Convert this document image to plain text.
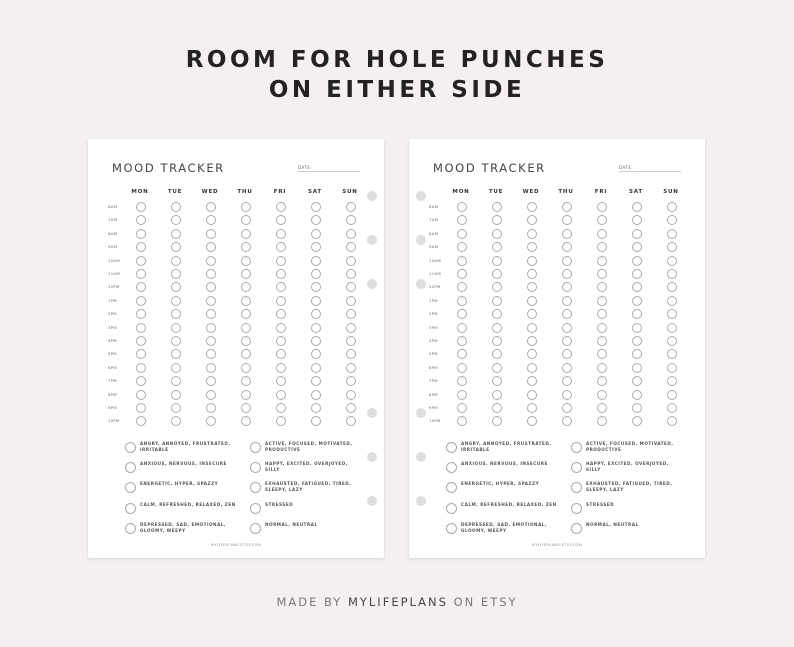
ROOM FOR HOLE PUNCHES
ON EITHER SIDE
MOOD TRACKER	DATE:
MON	TUE	WED	THU	FRI	SAT	SUN
6AM
7AM
8AM
9AM
10AM
11AM
12PM
1PM
2PM
3PM
4PM
5PM
6PM
7PM
8PM
9PM
10PM
ANGRY, ANNOYED, FRUSTRATED, IRRITABLE
ACTIVE, FOCUSED, MOTIVATED, PRODUCTIVE
ANXIOUS, NERVOUS, INSECURE	HAPPY, EXCITED, OVERJOYED, SILLY
ENERGETIC, HYPER, SPAZZY	EXHAUSTED, FATIGUED, TIRED, SLEEPY, LAZY
CALM, REFRESHED, RELAXED, ZEN	STRESSED
DEPRESSED, SAD, EMOTIONAL, GLOOMY, WEEPY
NORMAL, NEUTRAL
MYLIFEPLANS.ETSY.COM
MOOD TRACKER	DATE:
MON	TUE	WED	THU	FRI	SAT	SUN
6AM
7AM
8AM
9AM
10AM
11AM
12PM
1PM
2PM
3PM
4PM
5PM
6PM
7PM
8PM
9PM
10PM
ANGRY, ANNOYED, FRUSTRATED, IRRITABLE
ACTIVE, FOCUSED, MOTIVATED, PRODUCTIVE
ANXIOUS, NERVOUS, INSECURE	HAPPY, EXCITED, OVERJOYED, SILLY
ENERGETIC, HYPER, SPAZZY	EXHAUSTED, FATIGUED, TIRED, SLEEPY, LAZY
CALM, REFRESHED, RELAXED, ZEN	STRESSED
DEPRESSED, SAD, EMOTIONAL, GLOOMY, WEEPY
NORMAL, NEUTRAL
MYLIFEPLANS.ETSY.COM
MADE BY MYLIFEPLANS ON ETSY
